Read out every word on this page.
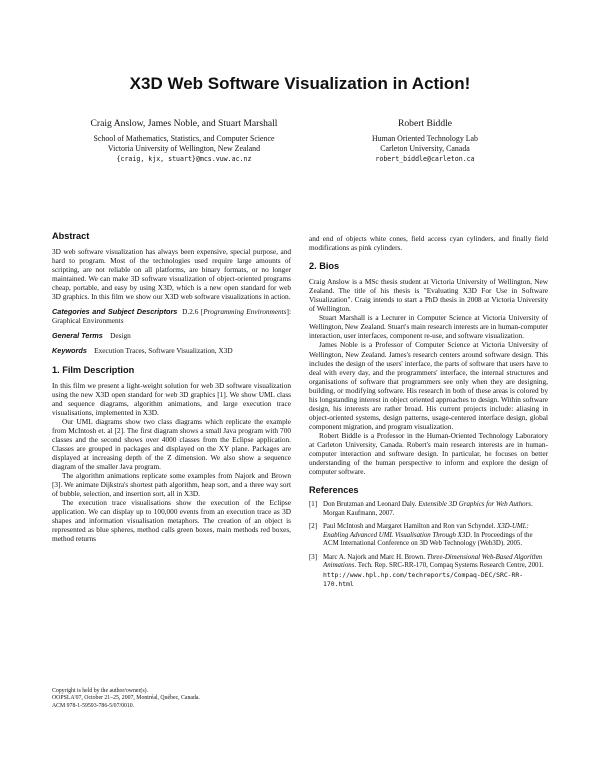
X3D Web Software Visualization in Action!
Craig Anslow, James Noble, and Stuart Marshall
School of Mathematics, Statistics, and Computer Science
Victoria University of Wellington, New Zealand
{craig, kjx, stuart}@mcs.vuw.ac.nz
Robert Biddle
Human Oriented Technology Lab
Carleton University, Canada
robert_biddle@carleton.ca
Abstract

3D web software visualization has always been expensive, special purpose, and hard to program. Most of the technologies used require large amounts of scripting, are not reliable on all platforms, are binary formats, or no longer maintained. We can make 3D software visualization of object-oriented programs cheap, portable, and easy by using X3D, which is a new open standard for web 3D graphics. In this film we show our X3D web software visualizations in action.

Categories and Subject Descriptors D.2.6 [Programming Environments]: Graphical Environments

General Terms Design

Keywords Execution Traces, Software Visualization, X3D

1. Film Description

In this film we present a light-weight solution for web 3D software visualization using the new X3D open standard for web 3D graphics [1]. We show UML class and sequence diagrams, algorithm animations, and large execution trace visualisations, implemented in X3D.

Our UML diagrams show two class diagrams which replicate the example from McIntosh et. al [2]. The first diagram shows a small Java program with 700 classes and the second shows over 4000 classes from the Eclipse application. Classes are grouped in packages and displayed on the XY plane. Packages are displayed at increasing depth of the Z dimension. We also show a sequence diagram of the smaller Java program.

The algorithm animations replicate some examples from Najork and Brown [3]. We animate Dijkstra's shortest path algorithm, heap sort, and a three way sort of bubble, selection, and insertion sort, all in X3D.

The execution trace visualisations show the execution of the Eclipse application. We can display up to 100,000 events from an execution trace as 3D shapes and information visualisation metaphors. The creation of an object is represented as blue spheres, method calls green boxes, main methods red boxes, method returns

and end of objects white cones, field access cyan cylinders, and finally field modifications as pink cylinders.

2. Bios

Craig Anslow is a MSc thesis student at Victoria University of Wellington, New Zealand. The title of his thesis is "Evaluating X3D For Use in Software Visualization". Craig intends to start a PhD thesis in 2008 at Victoria University of Wellington.

Stuart Marshall is a Lecturer in Computer Science at Victoria University of Wellington, New Zealand. Stuart's main research interests are in human-computer interaction, user interfaces, component re-use, and software visualization.

James Noble is a Professor of Computer Science at Victoria University of Wellington, New Zealand. James's research centers around software design. This includes the design of the users' interface, the parts of software that users have to deal with every day, and the programmers' interface, the internal structures and organisations of software that programmers see only when they are designing, building, or modifying software. His research in both of these areas is colored by his longstanding interest in object oriented approaches to design. Within software design, his interests are rather broad. His current projects include: aliasing in object-oriented systems, design patterns, usage-centered interface design, global component migration, and program visualization.

Robert Biddle is a Professor in the Human-Oriented Technology Laboratory at Carleton University, Canada. Robert's main research interests are in human-computer interaction and software design. In particular, he focuses on better understanding of the human perspective to inform and explore the design of computer software.

References
[1] Don Brutzman and Leonard Daly. Extensible 3D Graphics for Web Authors. Morgan Kaufmann, 2007.
[2] Paul McIntosh and Margaret Hamilton and Ron van Schyndel. X3D-UML: Enabling Advanced UML Visualisation Through X3D. In Proceedings of the ACM International Conference on 3D Web Technology (Web3D). 2005.
[3] Marc A. Najork and Marc H. Brown. Three-Dimensional Web-Based Algorithm Animations. Tech. Rep. SRC-RR-170, Compaq Systems Research Centre, 2001. http://www.hpl.hp.com/techreports/Compaq-DEC/SRC-RR-170.html
Copyright is held by the author/owner(s).
OOPSLA'07, October 21–25, 2007, Montréal, Québec, Canada.
ACM 978-1-59593-786-5/07/0010.
